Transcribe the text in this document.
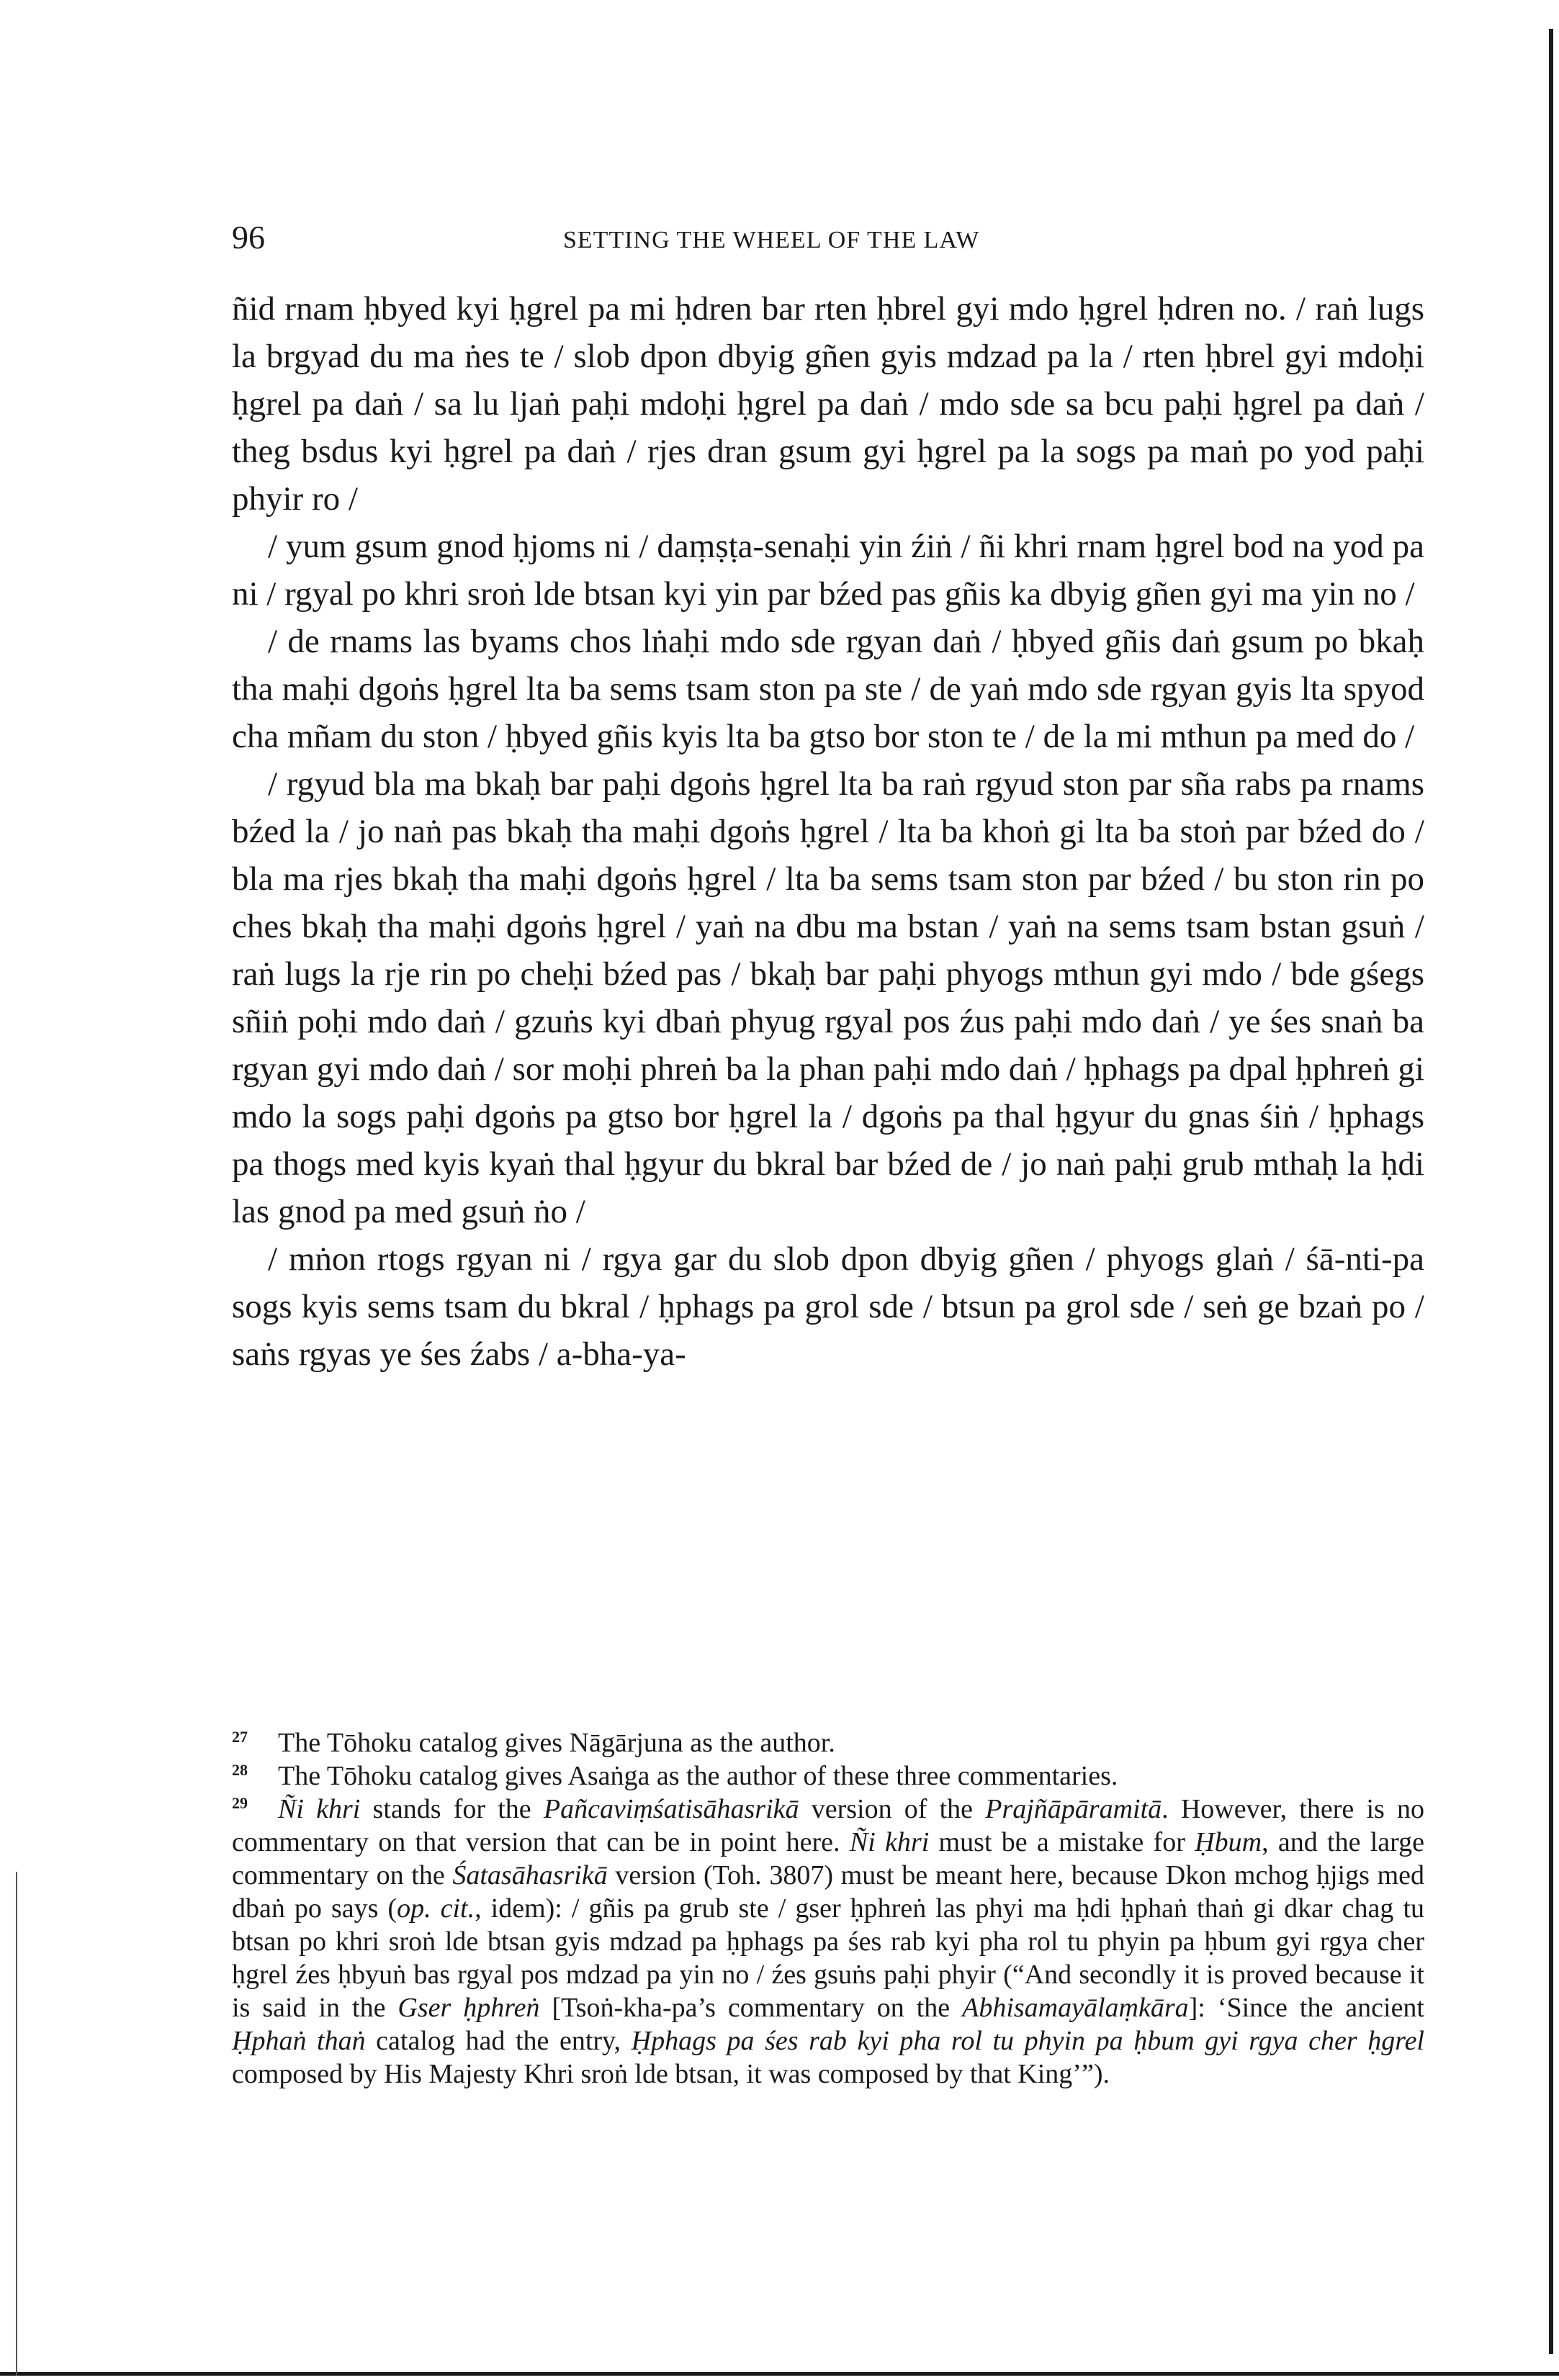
96	SETTING THE WHEEL OF THE LAW

ñid rnam ḥbyed kyi ḥgrel pa mi ḥdren bar rten ḥbrel gyi mdo ḥgrel ḥdren no. / raṅ lugs la brgyad du ma ṅes te / slob dpon dbyig gñen gyis mdzad pa la / rten ḥbrel gyi mdoḥi ḥgrel pa daṅ / sa lu ljaṅ paḥi mdoḥi ḥgrel pa daṅ / mdo sde sa bcu paḥi ḥgrel pa daṅ / theg bsdus kyi ḥgrel pa daṅ / rjes dran gsum gyi ḥgrel pa la sogs pa maṅ po yod paḥi phyir ro /

/ yum gsum gnod ḥjoms ni / daṃṣṭa-senaḥi yin źiṅ / ñi khri rnam ḥgrel bod na yod pa ni / rgyal po khri sroṅ lde btsan kyi yin par bźed pas gñis ka dbyig gñen gyi ma yin no /

/ de rnams las byams chos lṅaḥi mdo sde rgyan daṅ / ḥbyed gñis daṅ gsum po bkaḥ tha maḥi dgoṅs ḥgrel lta ba sems tsam ston pa ste / de yaṅ mdo sde rgyan gyis lta spyod cha mñam du ston / ḥbyed gñis kyis lta ba gtso bor ston te / de la mi mthun pa med do /

/ rgyud bla ma bkaḥ bar paḥi dgoṅs ḥgrel lta ba raṅ rgyud ston par sña rabs pa rnams bźed la / jo naṅ pas bkaḥ tha maḥi dgoṅs ḥgrel / lta ba khoṅ gi lta ba stoṅ par bźed do / bla ma rjes bkaḥ tha maḥi dgoṅs ḥgrel / lta ba sems tsam ston par bźed / bu ston rin po ches bkaḥ tha maḥi dgoṅs ḥgrel / yaṅ na dbu ma bstan / yaṅ na sems tsam bstan gsuṅ / raṅ lugs la rje rin po cheḥi bźed pas / bkaḥ bar paḥi phyogs mthun gyi mdo / bde gśegs sñiṅ poḥi mdo daṅ / gzuṅs kyi dbaṅ phyug rgyal pos źus paḥi mdo daṅ / ye śes snaṅ ba rgyan gyi mdo daṅ / sor moḥi phreṅ ba la phan paḥi mdo daṅ / ḥphags pa dpal ḥphreṅ gi mdo la sogs paḥi dgoṅs pa gtso bor ḥgrel la / dgoṅs pa thal ḥgyur du gnas śiṅ / ḥphags pa thogs med kyis kyaṅ thal ḥgyur du bkral bar bźed de / jo naṅ paḥi grub mthaḥ la ḥdi las gnod pa med gsuṅ ṅo /

/ mṅon rtogs rgyan ni / rgya gar du slob dpon dbyig gñen / phyogs glaṅ / śā-nti-pa sogs kyis sems tsam du bkral / ḥphags pa grol sde / btsun pa grol sde / seṅ ge bzaṅ po / saṅs rgyas ye śes źabs / a-bha-ya-

27	The Tōhoku catalog gives Nāgārjuna as the author.
28	The Tōhoku catalog gives Asaṅga as the author of these three commentaries.

29 Ñi khri stands for the Pañcaviṃśatisāhasrikā version of the Prajñāpāramitā. However, there is no commentary on that version that can be in point here. Ñi khri must be a mistake for Ḥbum, and the large commentary on the Śatasāhasrikā version (Toh. 3807) must be meant here, because Dkon mchog ḥjigs med dbaṅ po says (op. cit., idem): / gñis pa grub ste / gser ḥphreṅ las phyi ma ḥdi ḥphaṅ thaṅ gi dkar chag tu btsan po khri sroṅ lde btsan gyis mdzad pa ḥphags pa śes rab kyi pha rol tu phyin pa ḥbum gyi rgya cher ḥgrel źes ḥbyuṅ bas rgyal pos mdzad pa yin no / źes gsuṅs paḥi phyir (“And secondly it is proved because it is said in the Gser ḥphreṅ [Tsoṅ-kha-pa’s commentary on the Abhisamayālaṃkāra]: ‘Since the ancient Ḥphaṅ thaṅ catalog had the entry, Ḥphags pa śes rab kyi pha rol tu phyin pa ḥbum gyi rgya cher ḥgrel composed by His Majesty Khri sroṅ lde btsan, it was composed by that King’”).
